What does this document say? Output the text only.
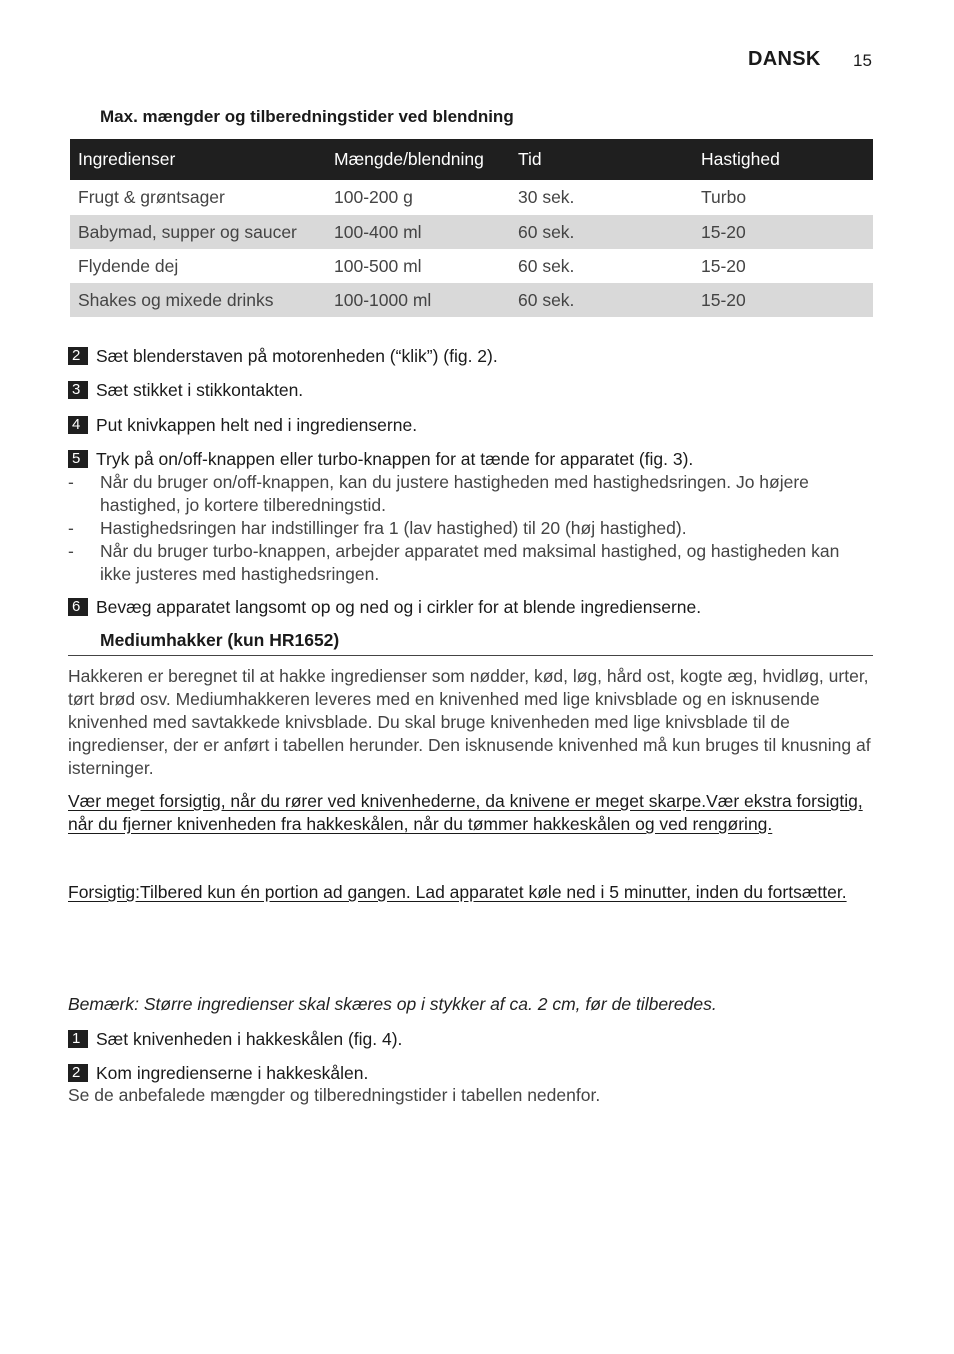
DANSK 15
Max. mængder og tilberedningstider ved blendning
Ingredienser	Mængde/blendning	Tid	Hastighed
Frugt & grøntsager	100-200 g	30 sek.	Turbo
Babymad, supper og saucer	100-400 ml	60 sek.	15-20
Flydende dej	100-500 ml	60 sek.	15-20
Shakes og mixede drinks	100-1000 ml	60 sek.	15-20
2 Sæt blenderstaven på motorenheden (“klik”) (fig. 2).
3 Sæt stikket i stikkontakten.
4 Put knivkappen helt ned i ingredienserne.
5 Tryk på on/off-knappen eller turbo-knappen for at tænde for apparatet (fig. 3).
- Når du bruger on/off-knappen, kan du justere hastigheden med hastighedsringen. Jo højere hastighed, jo kortere tilberedningstid.
- Hastighedsringen har indstillinger fra 1 (lav hastighed) til 20 (høj hastighed).
- Når du bruger turbo-knappen, arbejder apparatet med maksimal hastighed, og hastigheden kan ikke justeres med hastighedsringen.
6 Bevæg apparatet langsomt op og ned og i cirkler for at blende ingredienserne.
Mediumhakker (kun HR1652)
Hakkeren er beregnet til at hakke ingredienser som nødder, kød, løg, hård ost, kogte æg, hvidløg, urter, tørt brød osv. Mediumhakkeren leveres med en knivenhed med lige knivsblade og en isknusende knivenhed med savtakkede knivsblade. Du skal bruge knivenheden med lige knivsblade til de ingredienser, der er anført i tabellen herunder. Den isknusende knivenhed må kun bruges til knusning af isterninger.
Vær meget forsigtig, når du rører ved knivenhederne, da knivene er meget skarpe.Vær ekstra forsigtig, når du fjerner knivenheden fra hakkeskålen, når du tømmer hakkeskålen og ved rengøring.
Forsigtig:Tilbered kun én portion ad gangen. Lad apparatet køle ned i 5 minutter, inden du fortsætter.
Bemærk: Større ingredienser skal skæres op i stykker af ca. 2 cm, før de tilberedes.
1 Sæt knivenheden i hakkeskålen (fig. 4).
2 Kom ingredienserne i hakkeskålen.
Se de anbefalede mængder og tilberedningstider i tabellen nedenfor.
